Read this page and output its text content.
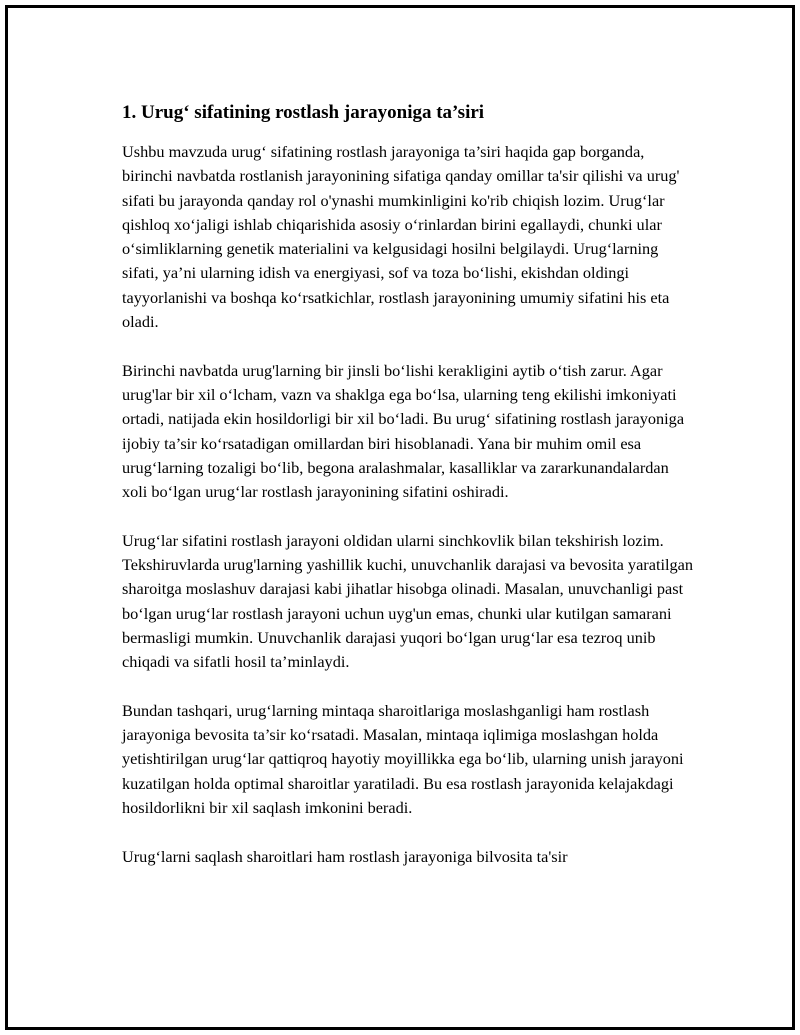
1. Urug‘ sifatining rostlash jarayoniga ta’siri

Ushbu mavzuda urug‘ sifatining rostlash jarayoniga ta’siri haqida gap borganda, birinchi navbatda rostlanish jarayonining sifatiga qanday omillar ta'sir qilishi va urug' sifati bu jarayonda qanday rol o'ynashi mumkinligini ko'rib chiqish lozim. Urug‘lar qishloq xo‘jaligi ishlab chiqarishida asosiy o‘rinlardan birini egallaydi, chunki ular o‘simliklarning genetik materialini va kelgusidagi hosilni belgilaydi. Urug‘larning sifati, ya’ni ularning idish va energiyasi, sof va toza bo‘lishi, ekishdan oldingi tayyorlanishi va boshqa ko‘rsatkichlar, rostlash jarayonining umumiy sifatini his eta oladi.

Birinchi navbatda urug'larning bir jinsli bo‘lishi kerakligini aytib o‘tish zarur. Agar urug'lar bir xil o‘lcham, vazn va shaklga ega bo‘lsa, ularning teng ekilishi imkoniyati ortadi, natijada ekin hosildorligi bir xil bo‘ladi. Bu urug‘ sifatining rostlash jarayoniga ijobiy ta’sir ko‘rsatadigan omillardan biri hisoblanadi. Yana bir muhim omil esa urug‘larning tozaligi bo‘lib, begona aralashmalar, kasalliklar va zararkunandalardan xoli bo‘lgan urug‘lar rostlash jarayonining sifatini oshiradi.

Urug‘lar sifatini rostlash jarayoni oldidan ularni sinchkovlik bilan tekshirish lozim. Tekshiruvlarda urug'larning yashillik kuchi, unuvchanlik darajasi va bevosita yaratilgan sharoitga moslashuv darajasi kabi jihatlar hisobga olinadi. Masalan, unuvchanligi past bo‘lgan urug‘lar rostlash jarayoni uchun uyg'un emas, chunki ular kutilgan samarani bermasligi mumkin. Unuvchanlik darajasi yuqori bo‘lgan urug‘lar esa tezroq unib chiqadi va sifatli hosil ta’minlaydi.

Bundan tashqari, urug‘larning mintaqa sharoitlariga moslashganligi ham rostlash jarayoniga bevosita ta’sir ko‘rsatadi. Masalan, mintaqa iqlimiga moslashgan holda yetishtirilgan urug‘lar qattiqroq hayotiy moyillikka ega bo‘lib, ularning unish jarayoni kuzatilgan holda optimal sharoitlar yaratiladi. Bu esa rostlash jarayonida kelajakdagi hosildorlikni bir xil saqlash imkonini beradi.

Urug‘larni saqlash sharoitlari ham rostlash jarayoniga bilvosita ta'sir
